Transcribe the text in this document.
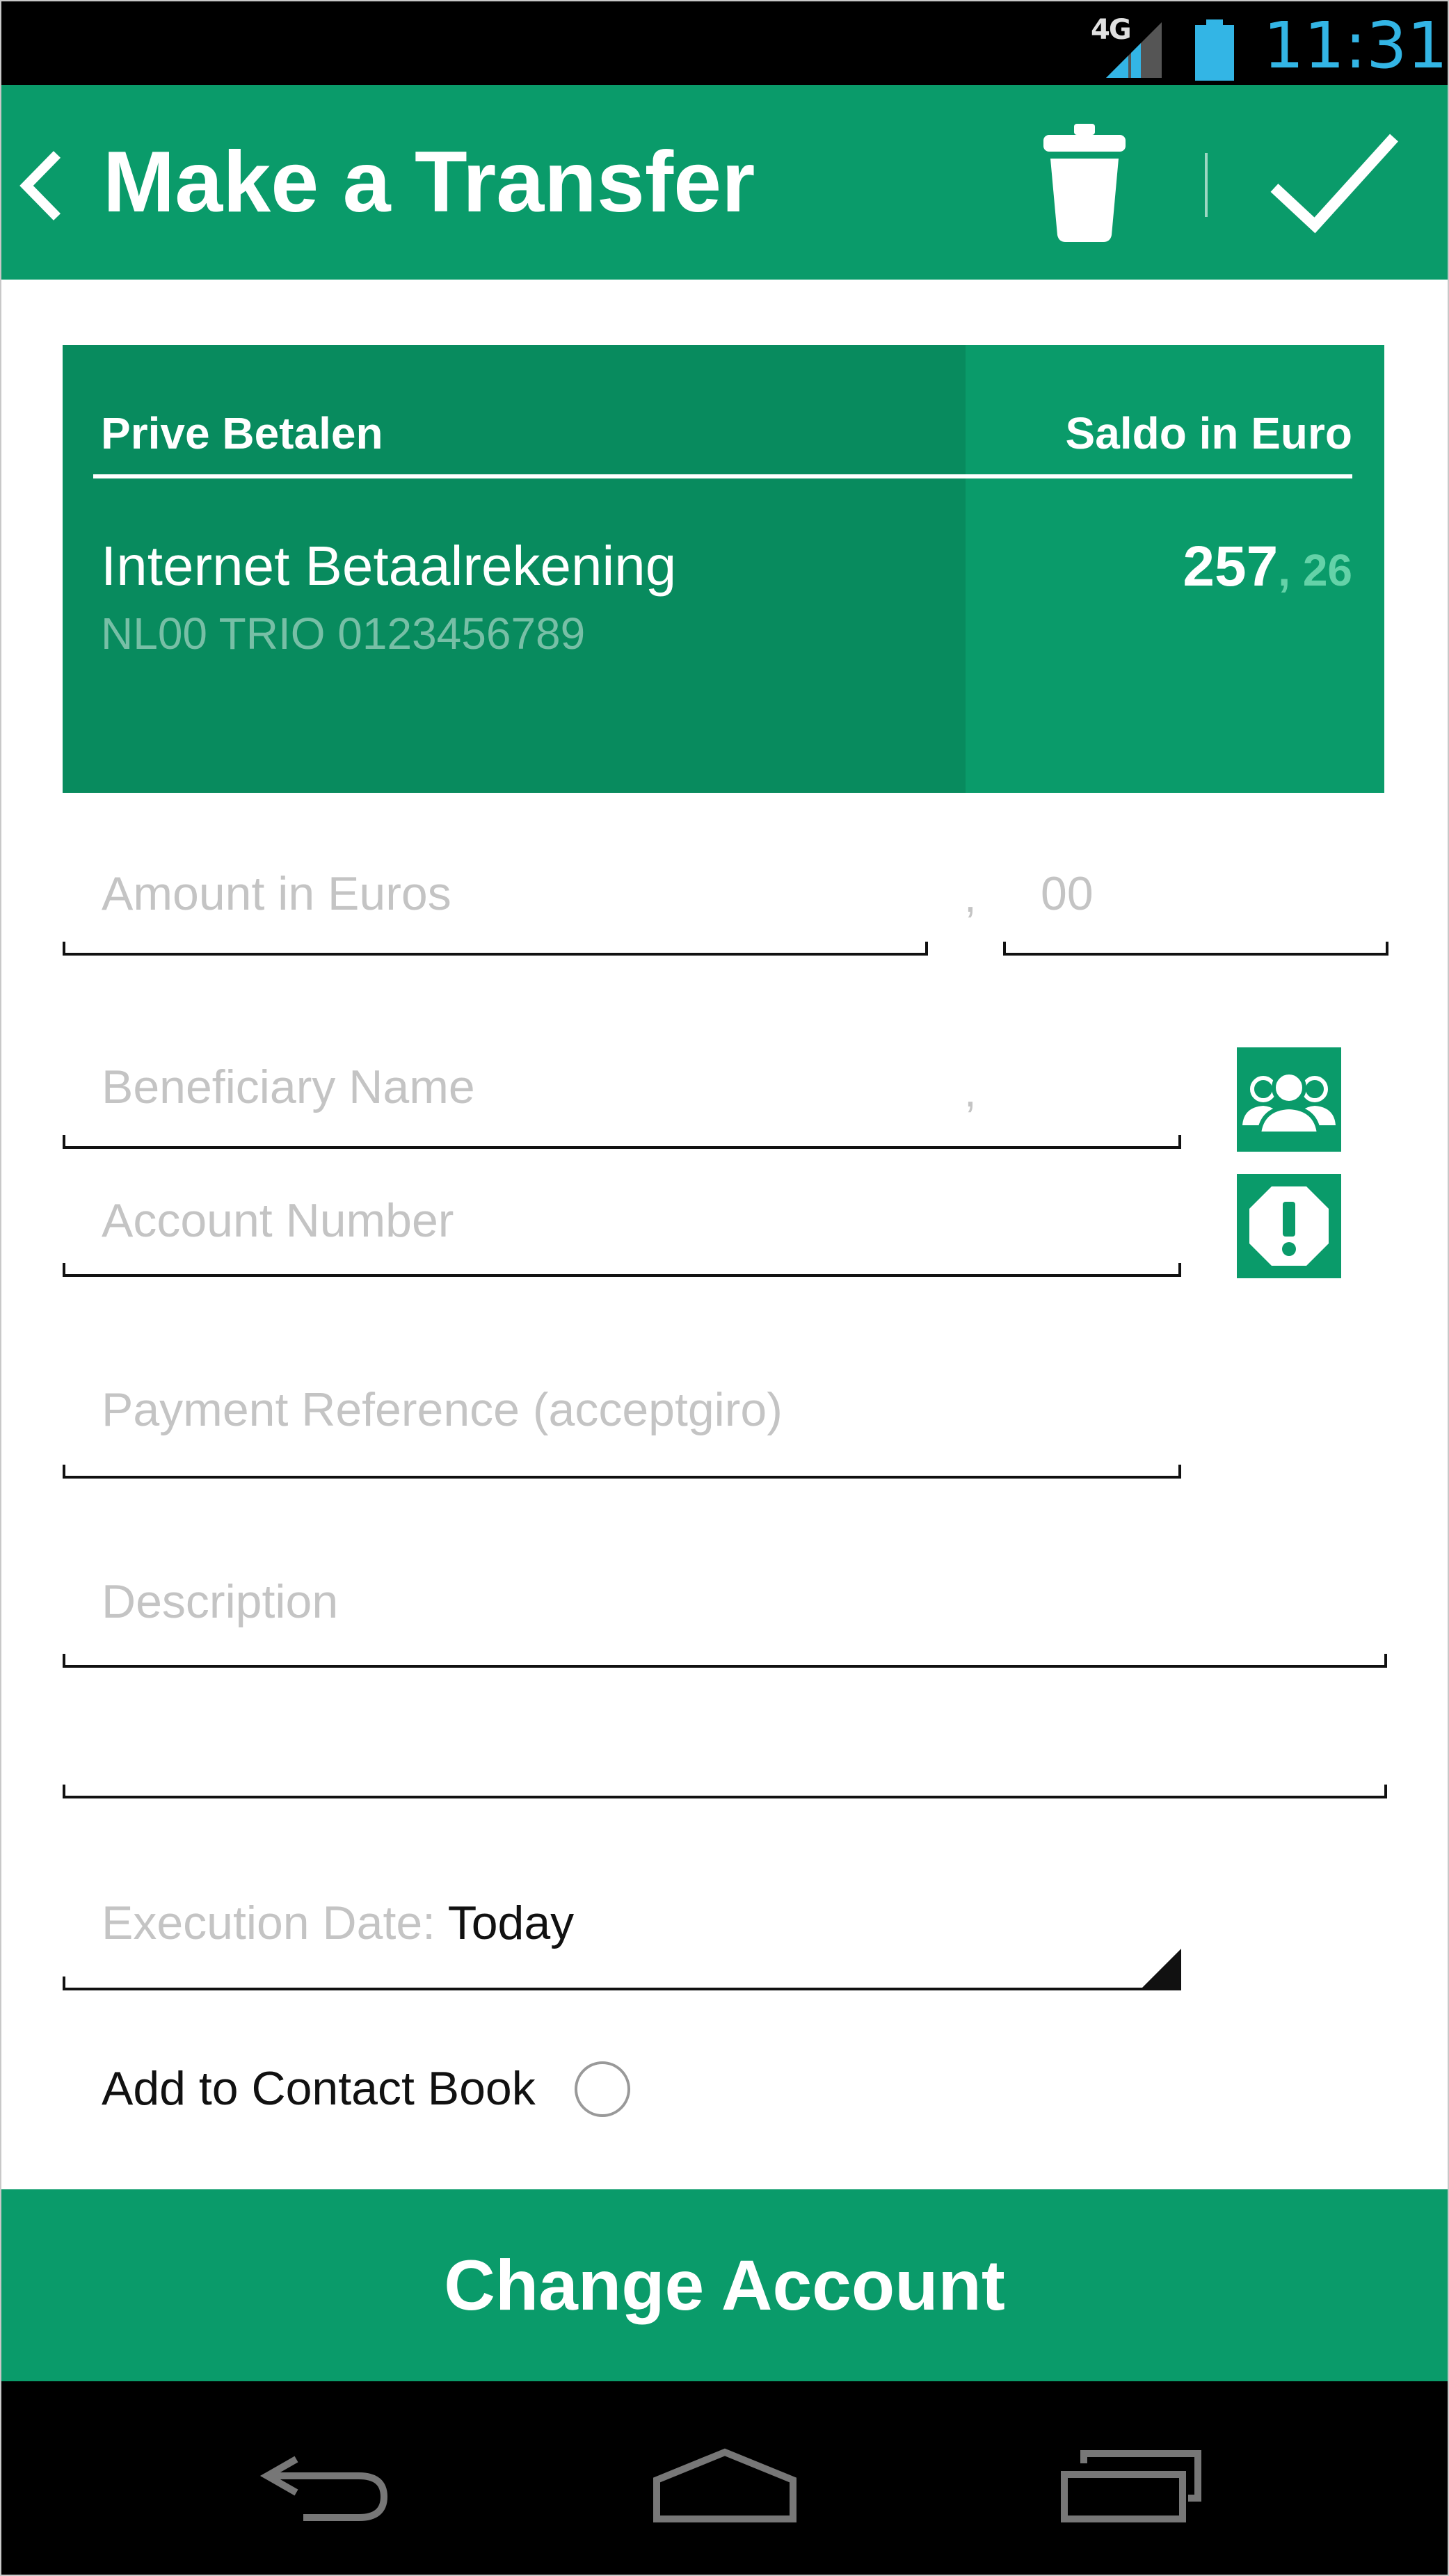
4G 11:31
Make a Transfer
Prive Betalen	Saldo in Euro
Internet Betaalrekening
NL00 TRIO 0123456789
257, 26
Amount in Euros	, 00
Beneficiary Name	,
Account Number
Payment Reference (acceptgiro)
Description
Execution Date: Today
Add to Contact Book
Change Account
